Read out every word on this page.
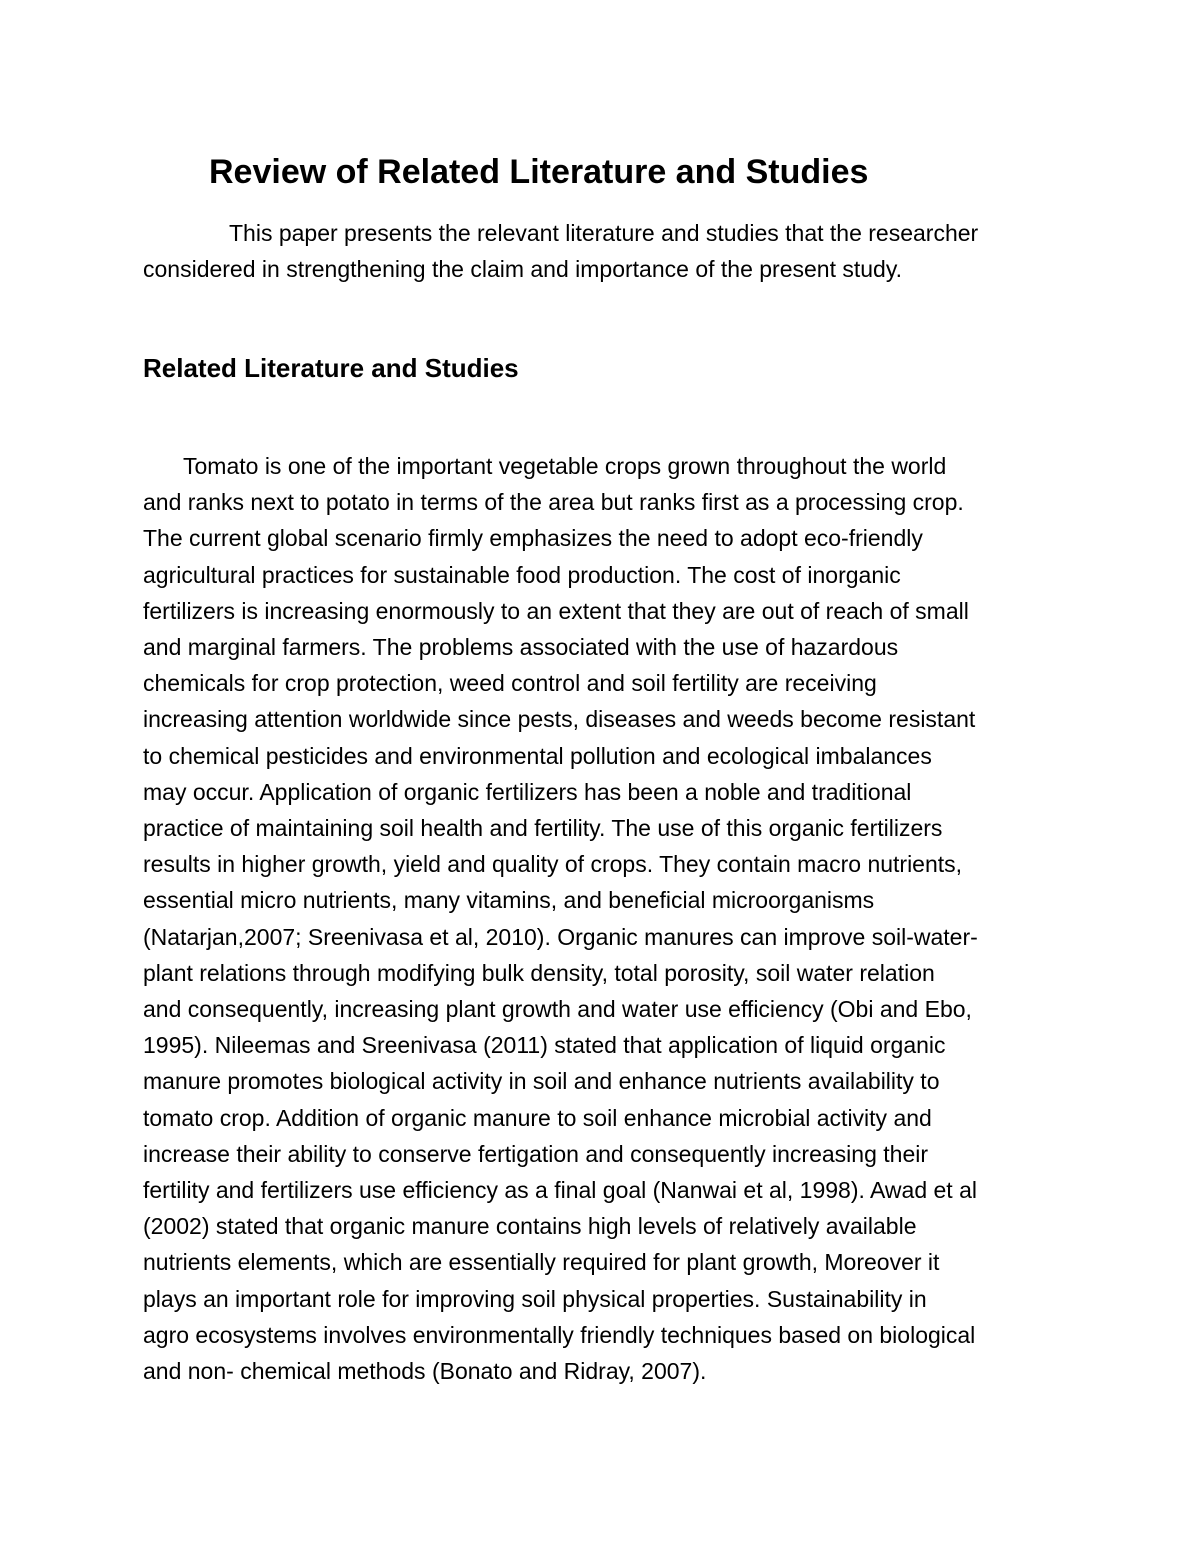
Review of Related Literature and Studies

This paper presents the relevant literature and studies that the researcher considered in strengthening the claim and importance of the present study.

Related Literature and Studies
Tomato is one of the important vegetable crops grown throughout the world
and ranks next to potato in terms of the area but ranks first as a processing crop.
The current global scenario firmly emphasizes the need to adopt eco-friendly
agricultural practices for sustainable food production. The cost of inorganic
fertilizers is increasing enormously to an extent that they are out of reach of small
and marginal farmers. The problems associated with the use of hazardous
chemicals for crop protection, weed control and soil fertility are receiving
increasing attention worldwide since pests, diseases and weeds become resistant
to chemical pesticides and environmental pollution and ecological imbalances
may occur. Application of organic fertilizers has been a noble and traditional
practice of maintaining soil health and fertility. The use of this organic fertilizers
results in higher growth, yield and quality of crops. They contain macro nutrients,
essential micro nutrients, many vitamins, and beneficial microorganisms
(Natarjan,2007; Sreenivasa et al, 2010). Organic manures can improve soil-water-
plant relations through modifying bulk density, total porosity, soil water relation
and consequently, increasing plant growth and water use efficiency (Obi and Ebo,
1995). Nileemas and Sreenivasa (2011) stated that application of liquid organic
manure promotes biological activity in soil and enhance nutrients availability to
tomato crop. Addition of organic manure to soil enhance microbial activity and
increase their ability to conserve fertigation and consequently increasing their
fertility and fertilizers use efficiency as a final goal (Nanwai et al, 1998). Awad et al
(2002) stated that organic manure contains high levels of relatively available
nutrients elements, which are essentially required for plant growth, Moreover it
plays an important role for improving soil physical properties. Sustainability in
agro ecosystems involves environmentally friendly techniques based on biological
and non- chemical methods (Bonato and Ridray, 2007).
